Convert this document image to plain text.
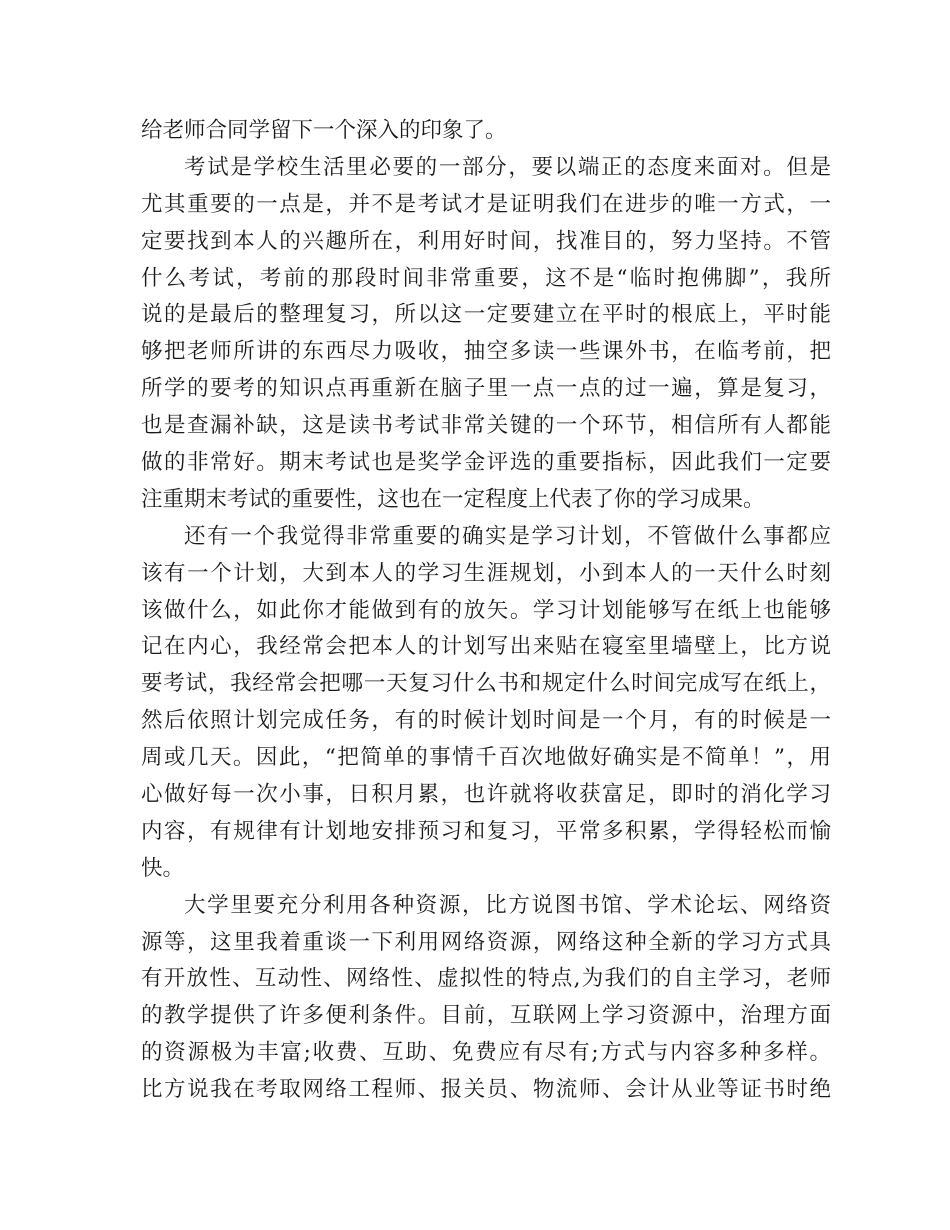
给老师合同学留下一个深入的印象了。
考试是学校生活里必要的一部分，要以端正的态度来面对。但是
尤其重要的一点是，并不是考试才是证明我们在进步的唯一方式，一
定要找到本人的兴趣所在，利用好时间，找准目的，努力坚持。不管
什么考试，考前的那段时间非常重要，这不是“临时抱佛脚”，我所
说的是最后的整理复习，所以这一定要建立在平时的根底上，平时能
够把老师所讲的东西尽力吸收，抽空多读一些课外书，在临考前，把
所学的要考的知识点再重新在脑子里一点一点的过一遍，算是复习，
也是查漏补缺，这是读书考试非常关键的一个环节，相信所有人都能
做的非常好。期末考试也是奖学金评选的重要指标，因此我们一定要
注重期末考试的重要性，这也在一定程度上代表了你的学习成果。
还有一个我觉得非常重要的确实是学习计划，不管做什么事都应
该有一个计划，大到本人的学习生涯规划，小到本人的一天什么时刻
该做什么，如此你才能做到有的放矢。学习计划能够写在纸上也能够
记在内心，我经常会把本人的计划写出来贴在寝室里墙壁上，比方说
要考试，我经常会把哪一天复习什么书和规定什么时间完成写在纸上，
然后依照计划完成任务，有的时候计划时间是一个月，有的时候是一
周或几天。因此，“把简单的事情千百次地做好确实是不简单！”，用
心做好每一次小事，日积月累，也许就将收获富足，即时的消化学习
内容，有规律有计划地安排预习和复习，平常多积累，学得轻松而愉
快。
大学里要充分利用各种资源，比方说图书馆、学术论坛、网络资
源等，这里我着重谈一下利用网络资源，网络这种全新的学习方式具
有开放性、互动性、网络性、虚拟性的特点,为我们的自主学习，老师
的教学提供了许多便利条件。目前，互联网上学习资源中，治理方面
的资源极为丰富;收费、互助、免费应有尽有;方式与内容多种多样。
比方说我在考取网络工程师、报关员、物流师、会计从业等证书时绝
